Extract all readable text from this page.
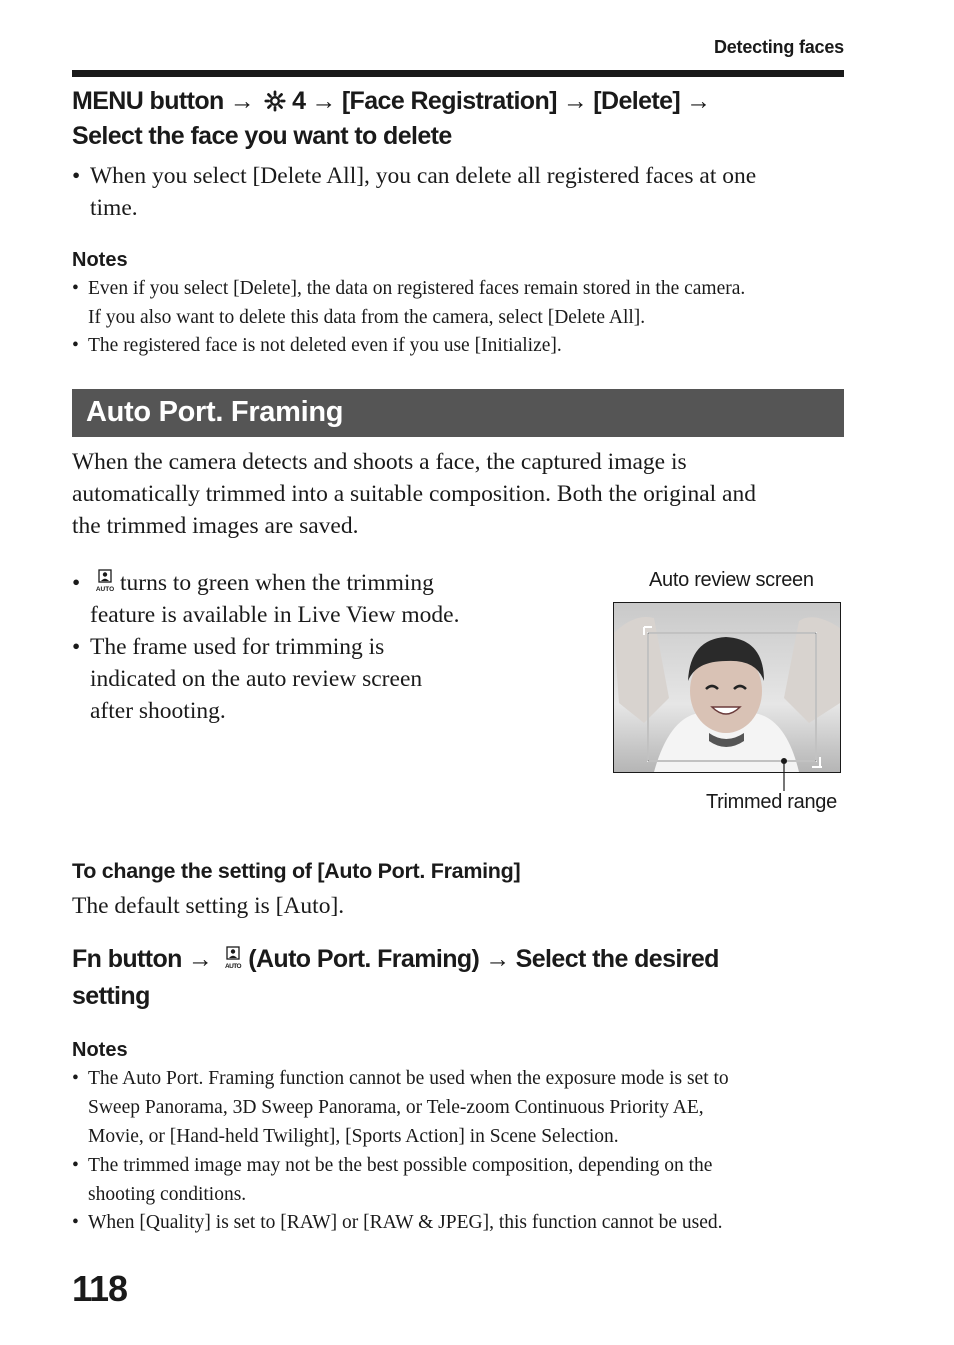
Detecting faces
MENU button → 4 → [Face Registration] → [Delete] →
Select the face you want to delete
• When you select [Delete All], you can delete all registered faces at one
time.
Notes
• Even if you select [Delete], the data on registered faces remain stored in the camera.
If you also want to delete this data from the camera, select [Delete All].
• The registered face is not deleted even if you use [Initialize].
Auto Port. Framing
When the camera detects and shoots a face, the captured image is
automatically trimmed into a suitable composition. Both the original and
the trimmed images are saved.
• AUTO turns to green when the trimming
feature is available in Live View mode.
• The frame used for trimming is
indicated on the auto review screen
after shooting.
Auto review screen
Trimmed range
To change the setting of [Auto Port. Framing]
The default setting is [Auto].
Fn button → AUTO (Auto Port. Framing) → Select the desired
setting
Notes
• The Auto Port. Framing function cannot be used when the exposure mode is set to
Sweep Panorama, 3D Sweep Panorama, or Tele-zoom Continuous Priority AE,
Movie, or [Hand-held Twilight], [Sports Action] in Scene Selection.
• The trimmed image may not be the best possible composition, depending on the
shooting conditions.
• When [Quality] is set to [RAW] or [RAW & JPEG], this function cannot be used.
118
